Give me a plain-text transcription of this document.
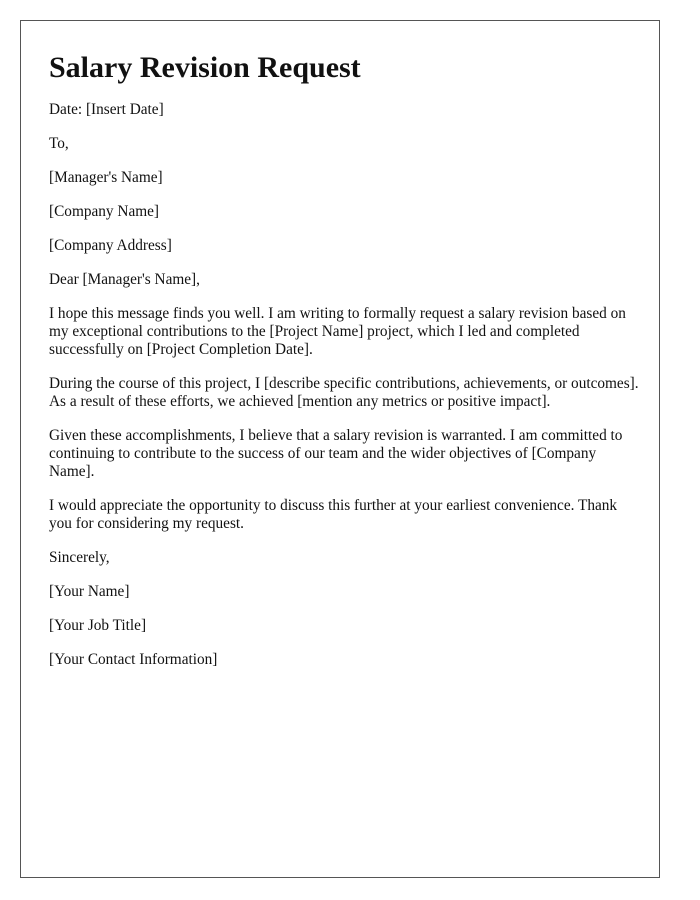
Salary Revision Request

Date: [Insert Date]

To,

[Manager's Name]

[Company Name]

[Company Address]

Dear [Manager's Name],

I hope this message finds you well. I am writing to formally request a salary revision based on my exceptional contributions to the [Project Name] project, which I led and completed successfully on [Project Completion Date].

During the course of this project, I [describe specific contributions, achievements, or outcomes]. As a result of these efforts, we achieved [mention any metrics or positive impact].

Given these accomplishments, I believe that a salary revision is warranted. I am committed to continuing to contribute to the success of our team and the wider objectives of [Company Name].

I would appreciate the opportunity to discuss this further at your earliest convenience. Thank you for considering my request.

Sincerely,

[Your Name]

[Your Job Title]

[Your Contact Information]
